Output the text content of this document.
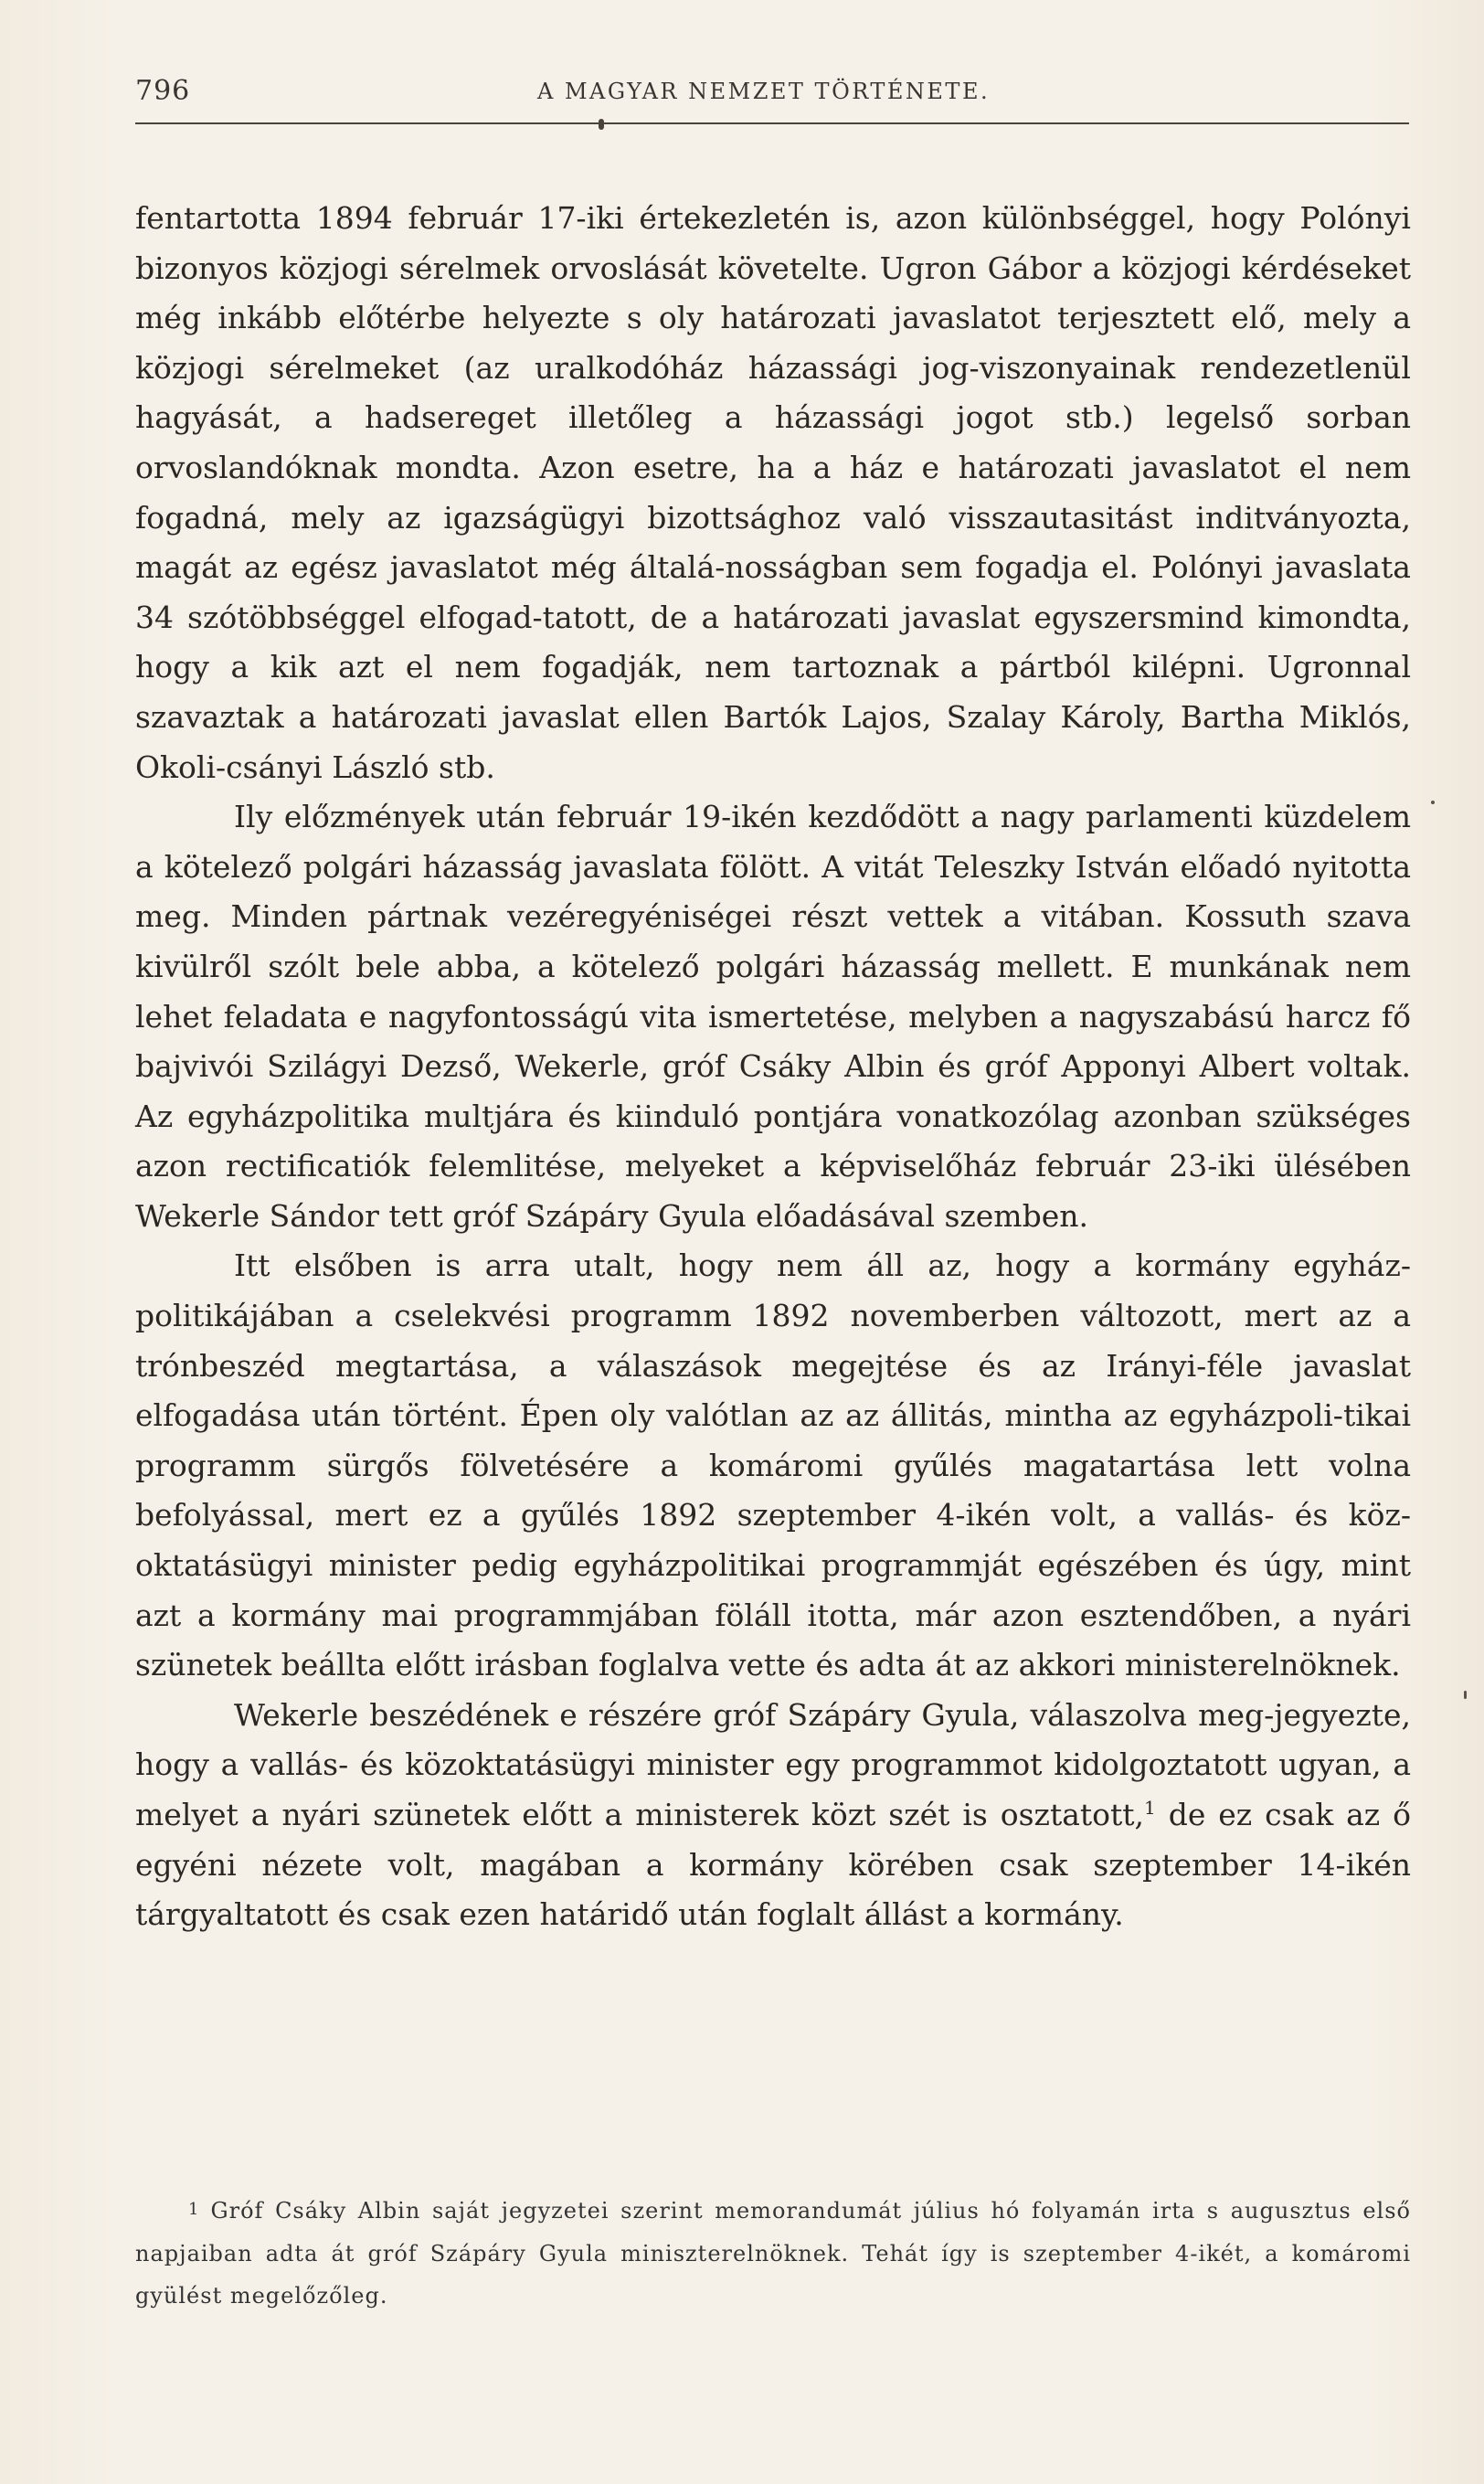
796	A MAGYAR NEMZET TÖRTÉNETE.

fentartotta 1894 február 17-iki értekezletén is, azon különbséggel, hogy Polónyi bizonyos közjogi sérelmek orvoslását követelte. Ugron Gábor a közjogi kérdéseket még inkább előtérbe helyezte s oly határozati javaslatot terjesztett elő, mely a közjogi sérelmeket (az uralkodóház házassági jog-viszonyainak rendezetlenül hagyását, a hadsereget illetőleg a házassági jogot stb.) legelső sorban orvoslandóknak mondta. Azon esetre, ha a ház e határozati javaslatot el nem fogadná, mely az igazságügyi bizottsághoz való visszautasitást inditványozta, magát az egész javaslatot még általá-nosságban sem fogadja el. Polónyi javaslata 34 szótöbbséggel elfogad-tatott, de a határozati javaslat egyszersmind kimondta, hogy a kik azt el nem fogadják, nem tartoznak a pártból kilépni. Ugronnal szavaztak a határozati javaslat ellen Bartók Lajos, Szalay Károly, Bartha Miklós, Okoli-csányi László stb.

Ily előzmények után február 19-ikén kezdődött a nagy parlamenti küzdelem a kötelező polgári házasság javaslata fölött. A vitát Teleszky István előadó nyitotta meg. Minden pártnak vezéregyéniségei részt vettek a vitában. Kossuth szava kivülről szólt bele abba, a kötelező polgári házasság mellett. E munkának nem lehet feladata e nagyfontosságú vita ismertetése, melyben a nagyszabású harcz fő bajvivói Szilágyi Dezső, Wekerle, gróf Csáky Albin és gróf Apponyi Albert voltak. Az egyházpolitika multjára és kiinduló pontjára vonatkozólag azonban szükséges azon rectificatiók felemlitése, melyeket a képviselőház február 23-iki ülésében Wekerle Sándor tett gróf Szápáry Gyula előadásával szemben.

Itt elsőben is arra utalt, hogy nem áll az, hogy a kormány egyház-politikájában a cselekvési programm 1892 novemberben változott, mert az a trónbeszéd megtartása, a válaszások megejtése és az Irányi-féle javaslat elfogadása után történt. Épen oly valótlan az az állitás, mintha az egyházpoli-tikai programm sürgős fölvetésére a komáromi gyűlés magatartása lett volna befolyással, mert ez a gyűlés 1892 szeptember 4-ikén volt, a vallás- és köz-oktatásügyi minister pedig egyházpolitikai programmját egészében és úgy, mint azt a kormány mai programmjában föláll itotta, már azon esztendőben, a nyári szünetek beállta előtt irásban foglalva vette és adta át az akkori ministerelnöknek.

Wekerle beszédének e részére gróf Szápáry Gyula, válaszolva meg-jegyezte, hogy a vallás- és közoktatásügyi minister egy programmot kidolgoztatott ugyan, a melyet a nyári szünetek előtt a ministerek közt szét is osztatott,$^1$ de ez csak az ő egyéni nézete volt, magában a kormány körében csak szeptember 14-ikén tárgyaltatott és csak ezen határidő után foglalt állást a kormány.

1 Gróf Csáky Albin saját jegyzetei szerint memorandumát július hó folyamán irta s augusztus első napjaiban adta át gróf Szápáry Gyula miniszterelnöknek. Tehát így is szeptember 4-ikét, a komáromi gyülést megelőzőleg.
